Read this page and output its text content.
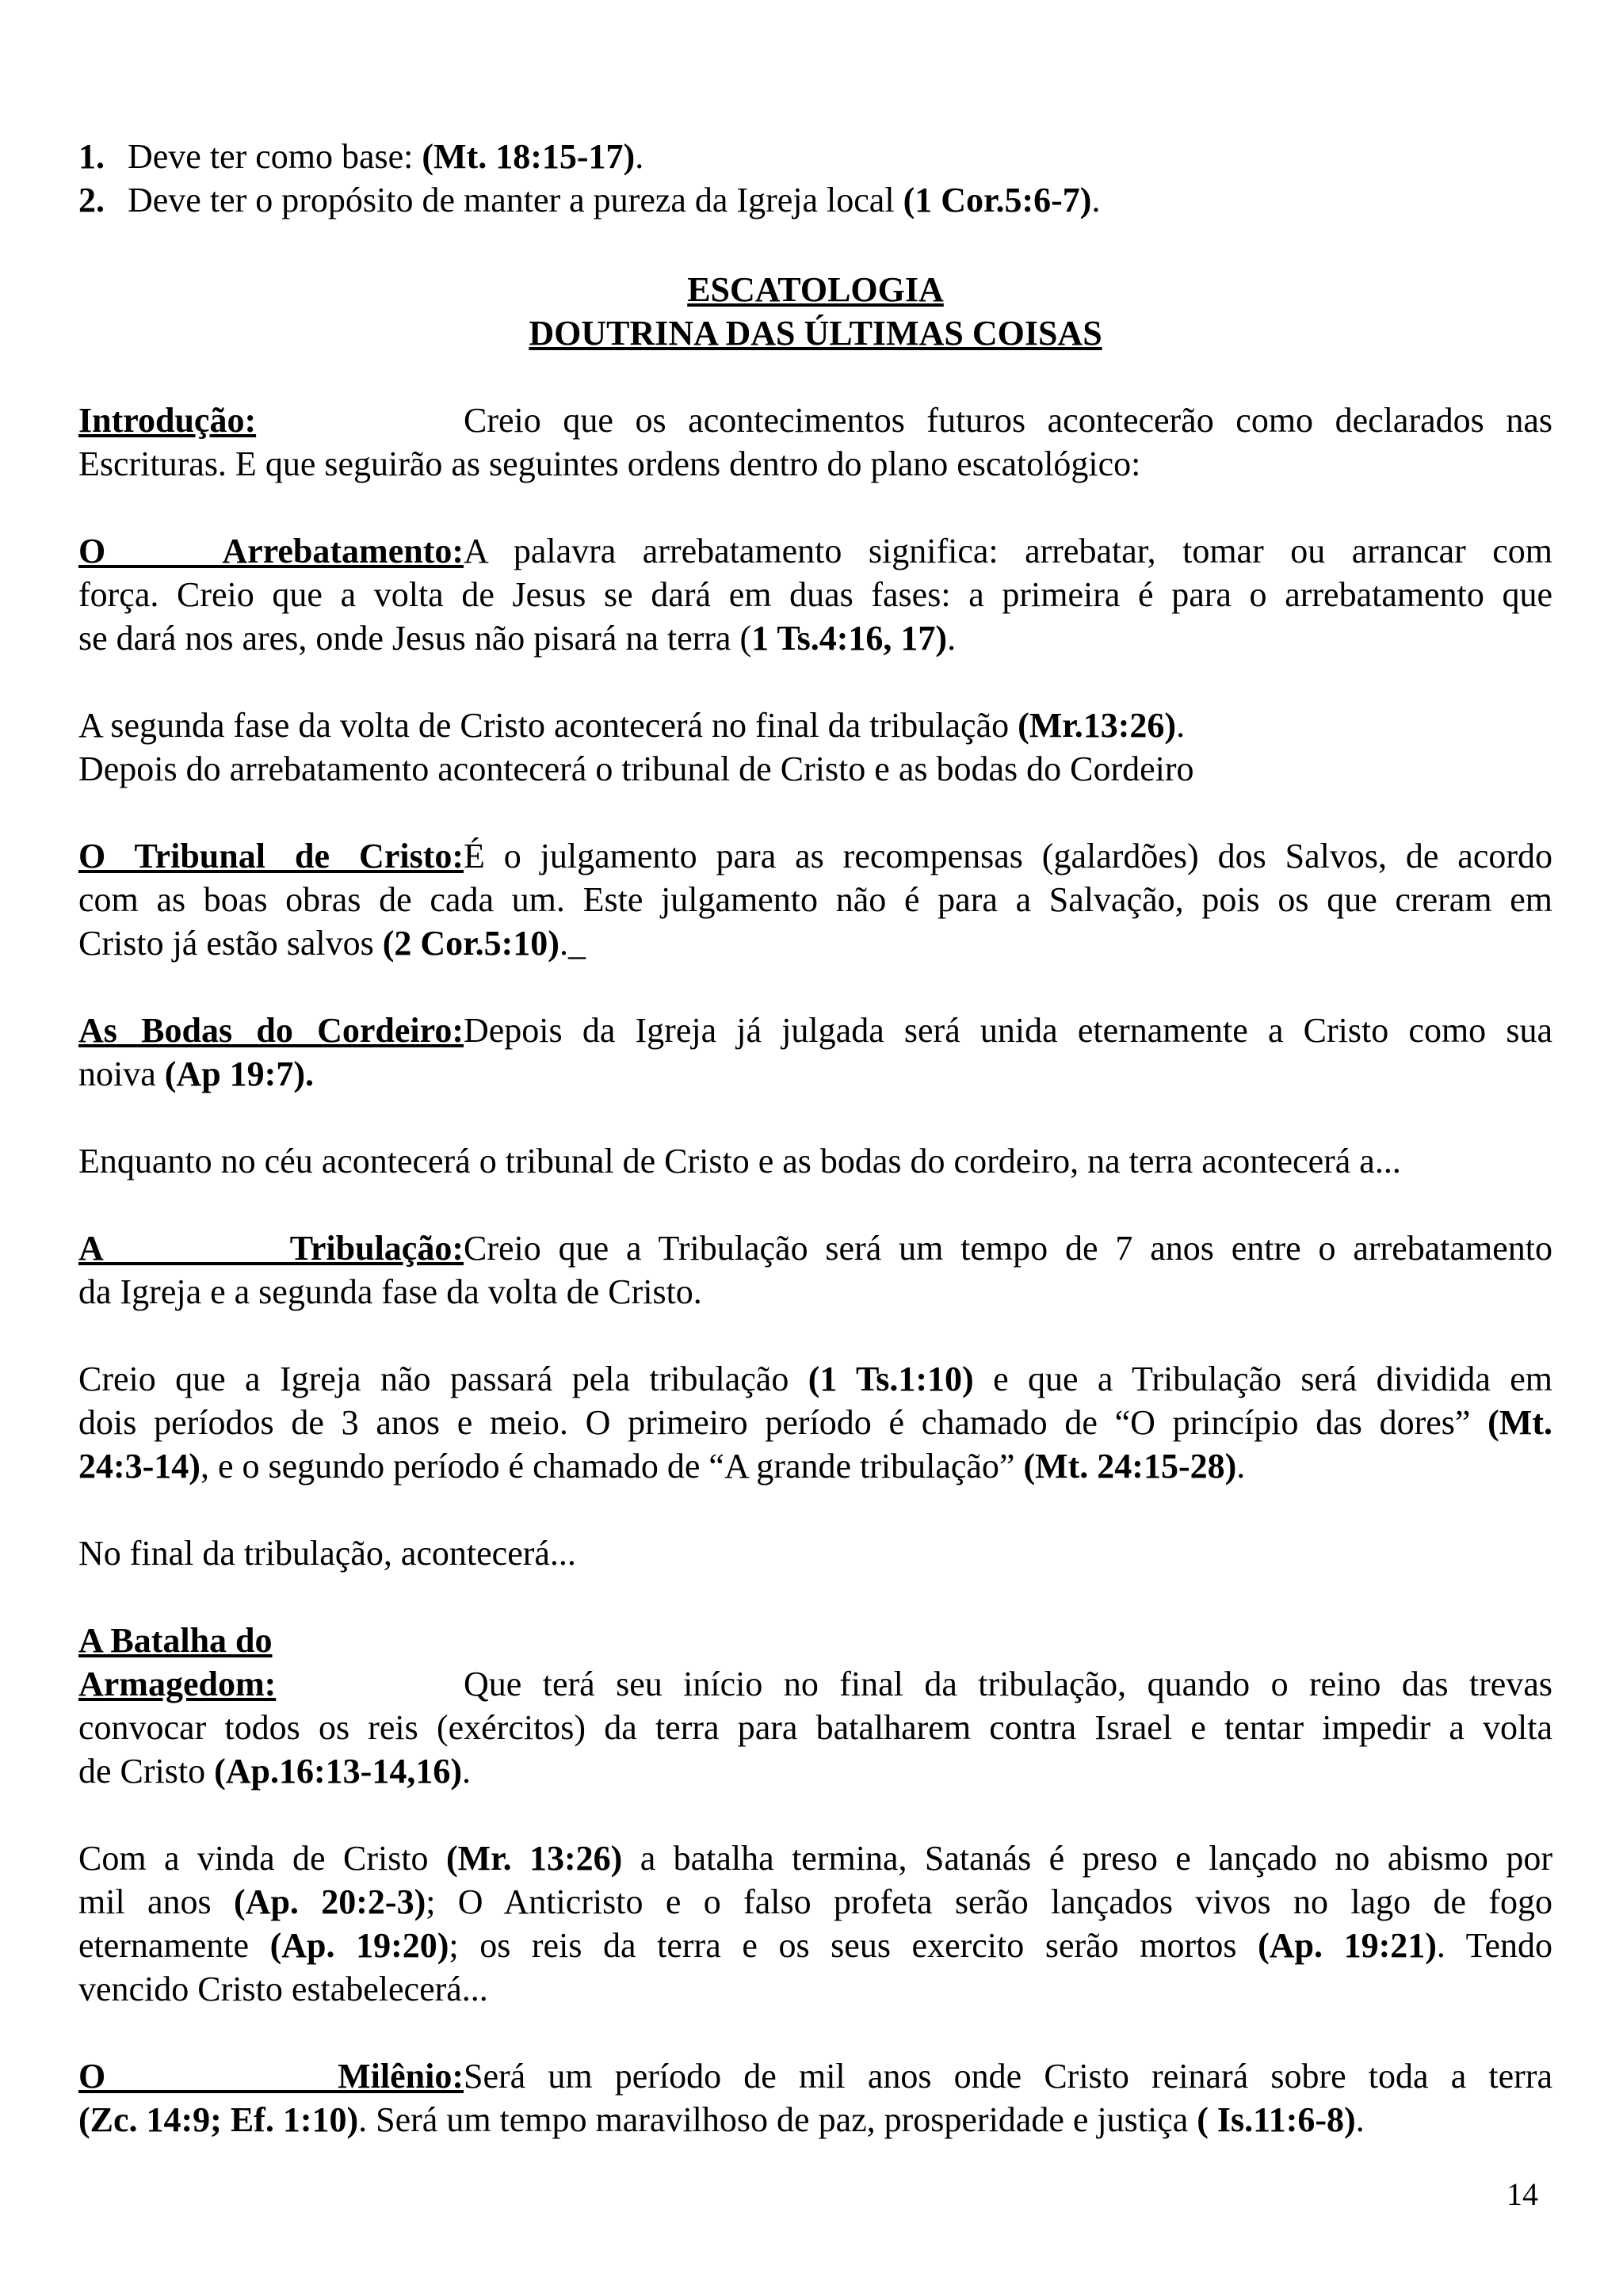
1. Deve ter como base: (Mt. 18:15-17).
2. Deve ter o propósito de manter a pureza da Igreja local (1 Cor.5:6-7).

ESCATOLOGIA

DOUTRINA DAS ÚLTIMAS COISAS

Introdução:	Creio que os acontecimentos futuros acontecerão como declarados nas

Escrituras. E que seguirão as seguintes ordens dentro do plano escatológico:

O Arrebatamento:A palavra arrebatamento significa: arrebatar, tomar ou arrancar com

força. Creio que a volta de Jesus se dará em duas fases: a primeira é para o arrebatamento que

se dará nos ares, onde Jesus não pisará na terra (1 Ts.4:16, 17).

A segunda fase da volta de Cristo acontecerá no final da tribulação (Mr.13:26).

Depois do arrebatamento acontecerá o tribunal de Cristo e as bodas do Cordeiro

O Tribunal de Cristo:É o julgamento para as recompensas (galardões) dos Salvos, de acordo

com as boas obras de cada um. Este julgamento não é para a Salvação, pois os que creram em

Cristo já estão salvos (2 Cor.5:10)._

As Bodas do Cordeiro:Depois da Igreja já julgada será unida eternamente a Cristo como sua

noiva (Ap 19:7).

Enquanto no céu acontecerá o tribunal de Cristo e as bodas do cordeiro, na terra acontecerá a...

A Tribulação:Creio que a Tribulação será um tempo de 7 anos entre o arrebatamento

da Igreja e a segunda fase da volta de Cristo.

Creio que a Igreja não passará pela tribulação (1 Ts.1:10) e que a Tribulação será dividida em

dois períodos de 3 anos e meio. O primeiro período é chamado de “O princípio das dores” (Mt.

24:3-14), e o segundo período é chamado de “A grande tribulação” (Mt. 24:15-28).

No final da tribulação, acontecerá...

A Batalha do

Armagedom:	Que terá seu início no final da tribulação, quando o reino das trevas

convocar todos os reis (exércitos) da terra para batalharem contra Israel e tentar impedir a volta

de Cristo (Ap.16:13-14,16).

Com a vinda de Cristo (Mr. 13:26) a batalha termina, Satanás é preso e lançado no abismo por

mil anos (Ap. 20:2-3); O Anticristo e o falso profeta serão lançados vivos no lago de fogo

eternamente (Ap. 19:20); os reis da terra e os seus exercito serão mortos (Ap. 19:21). Tendo

vencido Cristo estabelecerá...

O Milênio:Será um período de mil anos onde Cristo reinará sobre toda a terra

(Zc. 14:9; Ef. 1:10). Será um tempo maravilhoso de paz, prosperidade e justiça ( Is.11:6-8).

14
